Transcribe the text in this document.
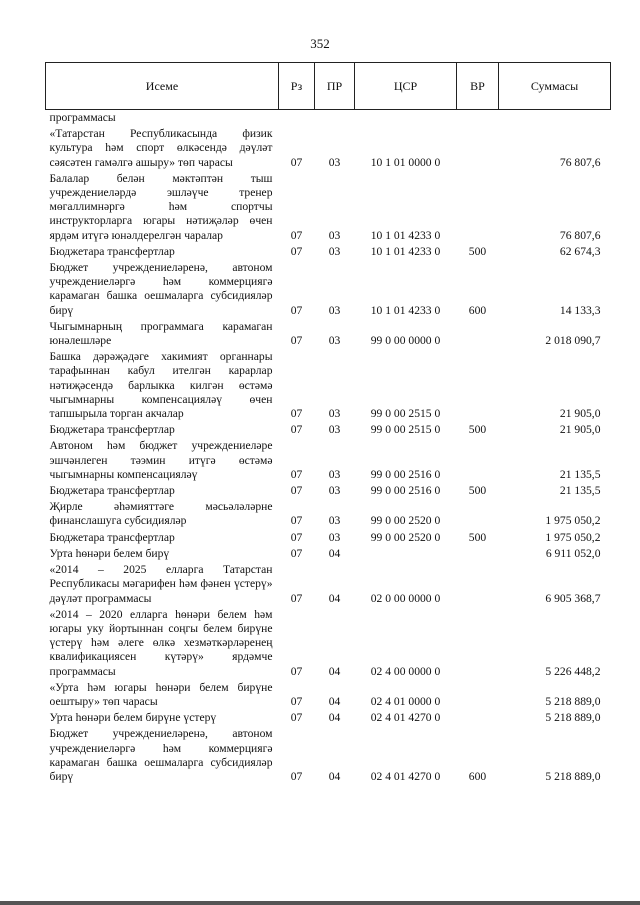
352
Исеме	Рз	ПР	ЦСР	ВР	Суммасы
программасы					
«Татарстан Республикасында физик культура һәм спорт өлкәсендә дәүләт сәясәтен гамәлгә ашыру» төп чарасы	07	03	10 1 01 0000 0		76 807,6
Балалар белән мәктәптән тыш учреждениеләрдә эшләүче тренер мөгаллимнәргә һәм спортчы инструкторларга югары нәтиҗәләр өчен ярдәм итүгә юнәлдерелгән чаралар	07	03	10 1 01 4233 0		76 807,6
Бюджетара трансфертлар	07	03	10 1 01 4233 0	500	62 674,3
Бюджет учреждениеләренә, автоном учреждениеләргә һәм коммерциягә карамаган башка оешмаларга субсидияләр бирү	07	03	10 1 01 4233 0	600	14 133,3
Чыгымнарның программага карамаган юнәлешләре	07	03	99 0 00 0000 0		2 018 090,7
Башка дәрәҗәдәге хакимият органнары тарафыннан кабул ителгән карарлар нәтиҗәсендә барлыкка килгән өстәмә чыгымнарны компенсацияләү өчен тапшырыла торган акчалар	07	03	99 0 00 2515 0		21 905,0
Бюджетара трансфертлар	07	03	99 0 00 2515 0	500	21 905,0
Автоном һәм бюджет учреждениеләре эшчәнлеген тәэмин итүгә өстәмә чыгымнарны компенсацияләү	07	03	99 0 00 2516 0		21 135,5
Бюджетара трансфертлар	07	03	99 0 00 2516 0	500	21 135,5
Җирле әһәмияттәге мәсьәләләрне финанслашуга субсидияләр	07	03	99 0 00 2520 0		1 975 050,2
Бюджетара трансфертлар	07	03	99 0 00 2520 0	500	1 975 050,2
Урта һөнәри белем бирү	07	04			6 911 052,0
«2014 – 2025 елларга Татарстан Республикасы мәгарифен һәм фәнен үстерү» дәүләт программасы	07	04	02 0 00 0000 0		6 905 368,7
«2014 – 2020 елларга һөнәри белем һәм югары уку йортыннан соңгы белем бирүне үстерү һәм әлеге өлкә хезмәткәрләренең квалификациясен күтәрү» ярдәмче программасы	07	04	02 4 00 0000 0		5 226 448,2
«Урта һәм югары һөнәри белем бирүне оештыру» төп чарасы	07	04	02 4 01 0000 0		5 218 889,0
Урта һөнәри белем бирүне үстерү	07	04	02 4 01 4270 0		5 218 889,0
Бюджет учреждениеләренә, автоном учреждениеләргә һәм коммерциягә карамаган башка оешмаларга субсидияләр бирү	07	04	02 4 01 4270 0	600	5 218 889,0
